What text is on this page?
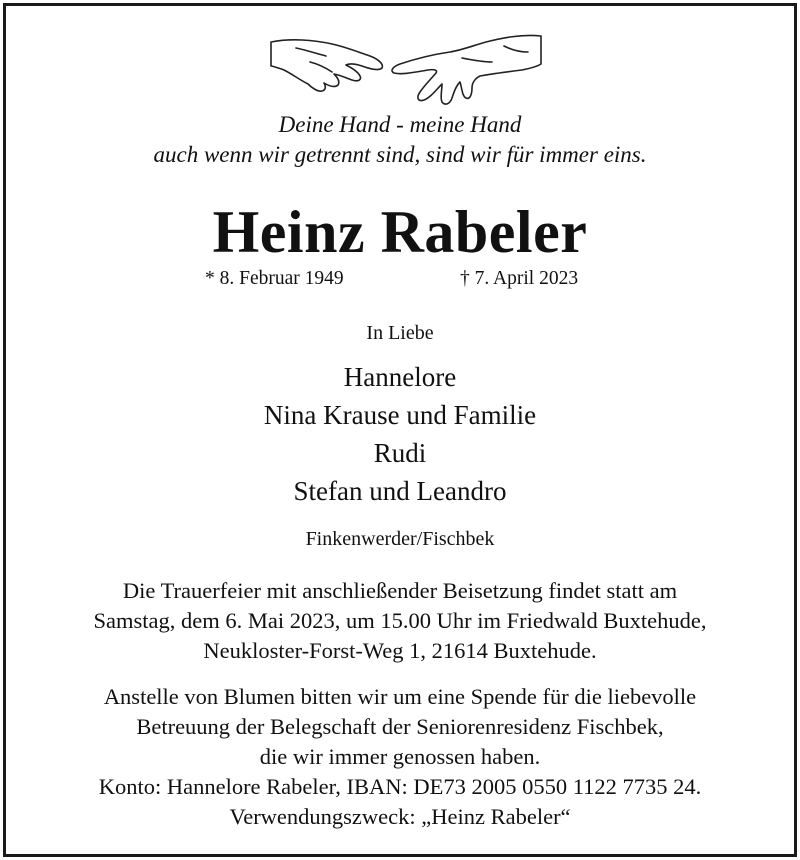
Deine Hand - meine Hand
auch wenn wir getrennt sind, sind wir für immer eins.
Heinz Rabeler
* 8. Februar 1949	† 7. April 2023
In Liebe
Hannelore
Nina Krause und Familie
Rudi
Stefan und Leandro
Finkenwerder/Fischbek
Die Trauerfeier mit anschließender Beisetzung findet statt am
Samstag, dem 6. Mai 2023, um 15.00 Uhr im Friedwald Buxtehude,
Neukloster-Forst-Weg 1, 21614 Buxtehude.
Anstelle von Blumen bitten wir um eine Spende für die liebevolle
Betreuung der Belegschaft der Seniorenresidenz Fischbek,
die wir immer genossen haben.
Konto: Hannelore Rabeler, IBAN: DE73 2005 0550 1122 7735 24.
Verwendungszweck: „Heinz Rabeler“
